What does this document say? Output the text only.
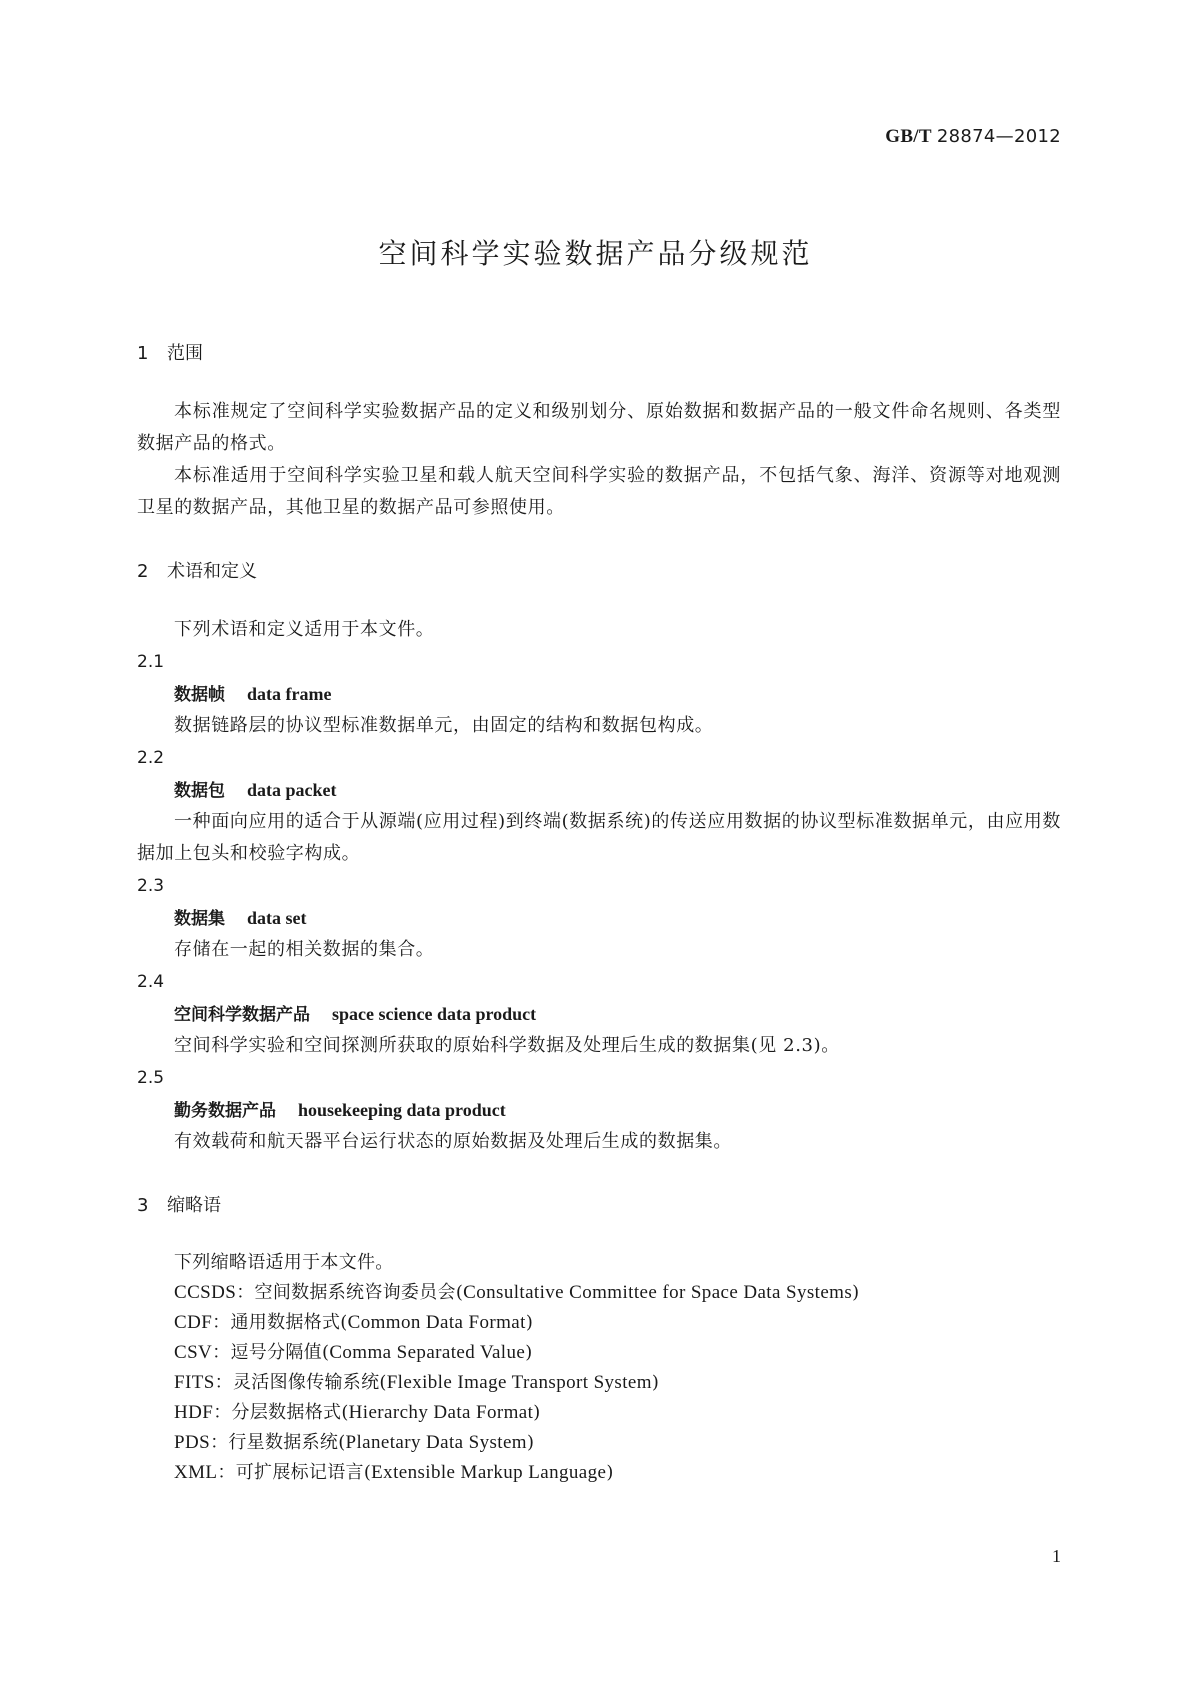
GB/T 28874—2012
空间科学实验数据产品分级规范
1 范围

本标准规定了空间科学实验数据产品的定义和级别划分、原始数据和数据产品的一般文件命名规则、各类型数据产品的格式。

本标准适用于空间科学实验卫星和载人航天空间科学实验的数据产品，不包括气象、海洋、资源等对地观测卫星的数据产品，其他卫星的数据产品可参照使用。

2 术语和定义

下列术语和定义适用于本文件。

2.1

数据帧 data frame

数据链路层的协议型标准数据单元，由固定的结构和数据包构成。

2.2

数据包 data packet

一种面向应用的适合于从源端(应用过程)到终端(数据系统)的传送应用数据的协议型标准数据单元，由应用数据加上包头和校验字构成。

2.3

数据集 data set

存储在一起的相关数据的集合。

2.4

空间科学数据产品 space science data product

空间科学实验和空间探测所获取的原始科学数据及处理后生成的数据集(见 2.3)。

2.5

勤务数据产品 housekeeping data product

有效载荷和航天器平台运行状态的原始数据及处理后生成的数据集。

3 缩略语

下列缩略语适用于本文件。

CCSDS：空间数据系统咨询委员会(Consultative Committee for Space Data Systems)

CDF：通用数据格式(Common Data Format)

CSV：逗号分隔值(Comma Separated Value)

FITS：灵活图像传输系统(Flexible Image Transport System)

HDF：分层数据格式(Hierarchy Data Format)

PDS：行星数据系统(Planetary Data System)

XML：可扩展标记语言(Extensible Markup Language)

1
